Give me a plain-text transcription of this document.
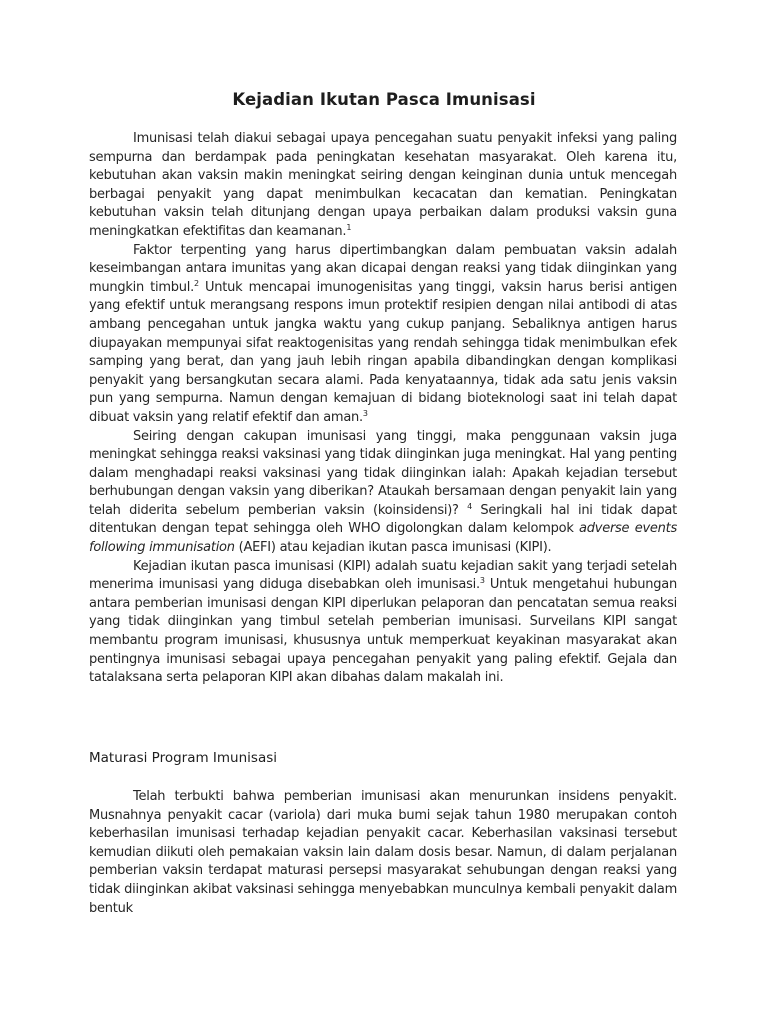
Kejadian Ikutan Pasca Imunisasi

Imunisasi telah diakui sebagai upaya pencegahan suatu penyakit infeksi yang paling sempurna dan berdampak pada peningkatan kesehatan masyarakat. Oleh karena itu, kebutuhan akan vaksin makin meningkat seiring dengan keinginan dunia untuk mencegah berbagai penyakit yang dapat menimbulkan kecacatan dan kematian. Peningkatan kebutuhan vaksin telah ditunjang dengan upaya perbaikan dalam produksi vaksin guna meningkatkan efektifitas dan keamanan.$^1$

Faktor terpenting yang harus dipertimbangkan dalam pembuatan vaksin adalah keseimbangan antara imunitas yang akan dicapai dengan reaksi yang tidak diinginkan yang mungkin timbul.$^2$ Untuk mencapai imunogenisitas yang tinggi, vaksin harus berisi antigen yang efektif untuk merangsang respons imun protektif resipien dengan nilai antibodi di atas ambang pencegahan untuk jangka waktu yang cukup panjang. Sebaliknya antigen harus diupayakan mempunyai sifat reaktogenisitas yang rendah sehingga tidak menimbulkan efek samping yang berat, dan yang jauh lebih ringan apabila dibandingkan dengan komplikasi penyakit yang bersangkutan secara alami. Pada kenyataannya, tidak ada satu jenis vaksin pun yang sempurna. Namun dengan kemajuan di bidang bioteknologi saat ini telah dapat dibuat vaksin yang relatif efektif dan aman.$^3$

Seiring dengan cakupan imunisasi yang tinggi, maka penggunaan vaksin juga meningkat sehingga reaksi vaksinasi yang tidak diinginkan juga meningkat. Hal yang penting dalam menghadapi reaksi vaksinasi yang tidak diinginkan ialah: Apakah kejadian tersebut berhubungan dengan vaksin yang diberikan? Ataukah bersamaan dengan penyakit lain yang telah diderita sebelum pemberian vaksin (koinsidensi)? $^4$ Seringkali hal ini tidak dapat ditentukan dengan tepat sehingga oleh WHO digolongkan dalam kelompok adverse events following immunisation (AEFI) atau kejadian ikutan pasca imunisasi (KIPI).

Kejadian ikutan pasca imunisasi (KIPI) adalah suatu kejadian sakit yang terjadi setelah menerima imunisasi yang diduga disebabkan oleh imunisasi.$^3$ Untuk mengetahui hubungan antara pemberian imunisasi dengan KIPI diperlukan pelaporan dan pencatatan semua reaksi yang tidak diinginkan yang timbul setelah pemberian imunisasi. Surveilans KIPI sangat membantu program imunisasi, khususnya untuk memperkuat keyakinan masyarakat akan pentingnya imunisasi sebagai upaya pencegahan penyakit yang paling efektif. Gejala dan tatalaksana serta pelaporan KIPI akan dibahas dalam makalah ini.

Maturasi Program Imunisasi

Telah terbukti bahwa pemberian imunisasi akan menurunkan insidens penyakit. Musnahnya penyakit cacar (variola) dari muka bumi sejak tahun 1980 merupakan contoh keberhasilan imunisasi terhadap kejadian penyakit cacar. Keberhasilan vaksinasi tersebut kemudian diikuti oleh pemakaian vaksin lain dalam dosis besar. Namun, di dalam perjalanan pemberian vaksin terdapat maturasi persepsi masyarakat sehubungan dengan reaksi yang tidak diinginkan akibat vaksinasi sehingga menyebabkan munculnya kembali penyakit dalam bentuk
